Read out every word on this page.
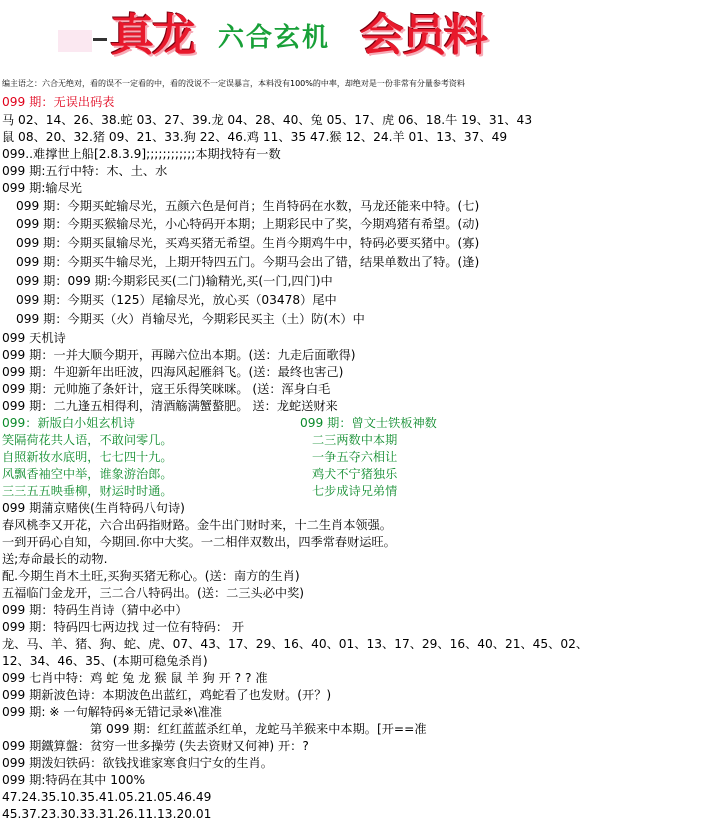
真龙 六合玄机 会员料
编主语之：六合无绝对，看的误不一定看的中，看的没说不一定误暴言，本料没有100%的中率，却绝对是一份非常有分量参考资料
099 期：无误出码表
马 02、14、26、38.蛇 03、27、39.龙 04、28、40、兔 05、17、虎 06、18.牛 19、31、43
鼠 08、20、32.猪 09、21、33.狗 22、46.鸡 11、35 47.猴 12、24.羊 01、13、37、49
099..难撑世上船[2.8.3.9];;;;;;;;;;;;本期找特有一数
099 期:五行中特：木、土、水
099 期:输尽光
099 期：今期买蛇输尽光，五颜六色是何肖；生肖特码在水数，马龙还能来中特。(七)
099 期：今期买猴输尽光，小心特码开本期；上期彩民中了奖，今期鸡猪有希望。(动)
099 期：今期买鼠输尽光，买鸡买猪无希望。生肖今期鸡牛中，特码必要买猪中。(寡)
099 期：今期买牛输尽光，上期开特四五门。今期马会出了错，结果单数出了特。(逢)
099 期：099 期:今期彩民买(二门)输精光,买(一门,四门)中
099 期：今期买（125）尾输尽光，放心买（03478）尾中
099 期：今期买（火）肖输尽光，今期彩民买主（土）防(木）中
099 天机诗
099 期：一并大顺今期开，再睇六位出本期。(送：九走后面歌得)
099 期：牛迎新年出旺波，四海风起雁斜飞。(送：最终也害己)
099 期：元帅施了条奸计，寇王乐得笑咪咪。 (送：浑身白毛
099 期：二九逢五相得利，清酒觞满蟹螯肥。 送：龙蛇送财来
099：新版白小姐玄机诗	099 期：曾文士铁板神数
笑隔荷花共人语，不敢问零几。	二三两数中本期
自照新妆水底明，七七四十九。	一争五夺六相让
风飘香袖空中举，谁象游治郎。	鸡犬不宁猪独乐
三三五五映垂柳，财运时时通。	七步成诗兄弟情
099 期蒲京赌侠(生肖特码八句诗)
春风桃李又开花，六合出码指财路。金牛出门财时来，十二生肖本领强。
一到开码心自知，今期回.你中大奖。一二相伴双数出，四季常春财运旺。
送;寿命最长的动物.
配.今期生肖木土旺,买狗买猪无称心。(送：南方的生肖)
五福临门金龙开，三二合八特码出。(送：二三头必中奖)
099 期：特码生肖诗（猜中必中）
099 期：特码四七两边找 过一位有特码： 开
龙、马、羊、猪、狗、蛇、虎、07、43、17、29、16、40、01、13、17、29、16、40、21、45、02、
12、34、46、35、(本期可稳兔杀肖)
099 七肖中特：鸡 蛇 兔 龙 猴 鼠 羊 狗 开 ? ? 准
099 期新波色诗：本期波色出蓝红，鸡蛇看了也发财。(开？)
099 期: ※ 一句解特码※无错记录※\准准
第 099 期：红红蓝蓝杀红单，龙蛇马羊猴来中本期。[开==准
099 期鐵算盤：贫穷一世多操劳 (失去资财又何神) 开：?
099 期泼妇铁码：欲钱找谁家寒食归宁女的生肖。
099 期:特码在其中 100%
47.24.35.10.35.41.05.21.05.46.49
45.37.23.30.33.31.26.11.13.20.01
